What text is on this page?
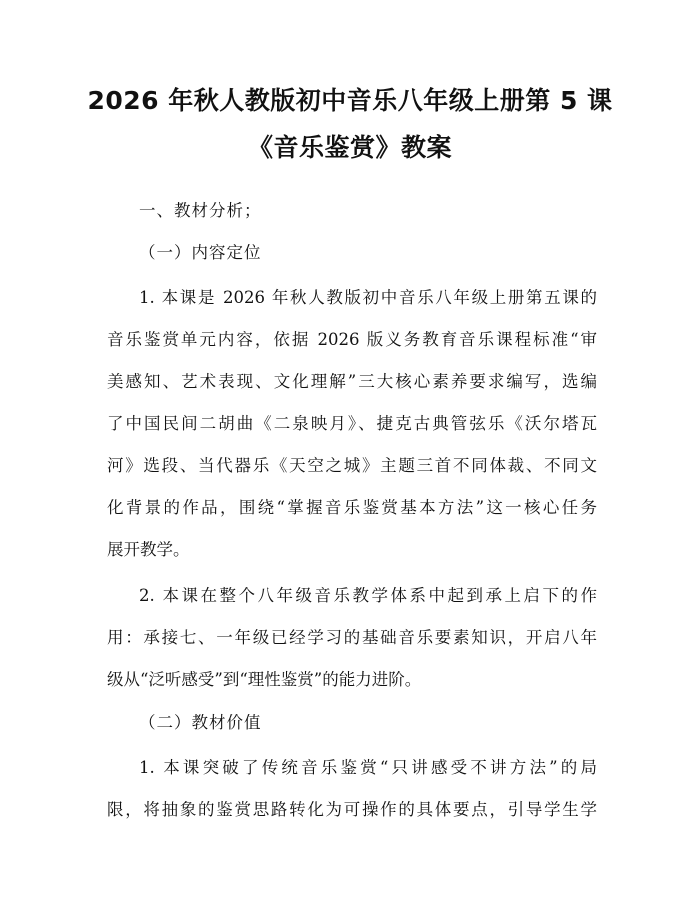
2026 年秋人教版初中音乐八年级上册第 5 课
《音乐鉴赏》教案
一、教材分析；
（一）内容定位
1. 本课是 2026 年秋人教版初中音乐八年级上册第五课的
音乐鉴赏单元内容，依据 2026 版义务教育音乐课程标准“审
美感知、艺术表现、文化理解”三大核心素养要求编写，选编
了中国民间二胡曲《二泉映月》、捷克古典管弦乐《沃尔塔瓦
河》选段、当代器乐《天空之城》主题三首不同体裁、不同文
化背景的作品，围绕“掌握音乐鉴赏基本方法”这一核心任务
展开教学。
2. 本课在整个八年级音乐教学体系中起到承上启下的作
用：承接七、一年级已经学习的基础音乐要素知识，开启八年
级从“泛听感受”到“理性鉴赏”的能力进阶。
（二）教材价值
1. 本课突破了传统音乐鉴赏“只讲感受不讲方法”的局
限，将抽象的鉴赏思路转化为可操作的具体要点，引导学生学
